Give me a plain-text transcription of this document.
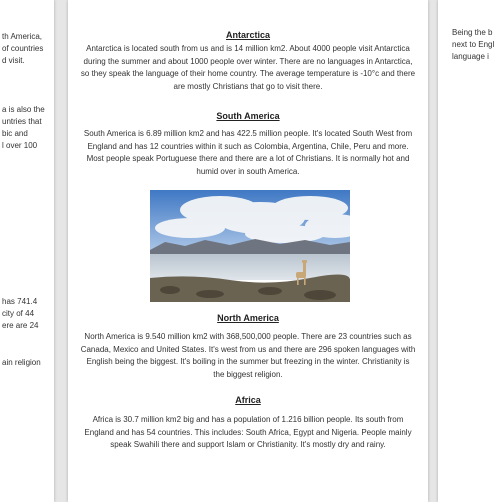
th America,
of countries
d visit.
a is also the
untries that
bic and
l over 100
has 741.4
city of 44
ere are 24
ain religion
Antarctica

Antarctica is located south from us and is 14 million km2. About 4000 people visit Antarctica during the summer and about 1000 people over winter. There are no languages in Antarctica, so they speak the language of their home country. The average temperature is -10°c and there are mostly Christians that go to visit there.

South America

South America is 6.89 million km2 and has 422.5 million people. It's located South West from England and has 12 countries within it such as Colombia, Argentina, Chile, Peru and more. Most people speak Portuguese there and there are a lot of Christians. It is normally hot and humid over in south America.

North America

North America is 9.540 million km2 with 368,500,000 people. There are 23 countries such as Canada, Mexico and United States. It's west from us and there are 296 spoken languages with English being the biggest. It's boiling in the summer but freezing in the winter. Christianity is the biggest religion.

Africa

Africa is 30.7 million km2 big and has a population of 1.216 billion people. Its south from England and has 54 countries. This includes: South Africa, Egypt and Nigeria. People mainly speak Swahili there and support Islam or Christianity. It's mostly dry and rainy.

Being the b
next to Engl
language i
